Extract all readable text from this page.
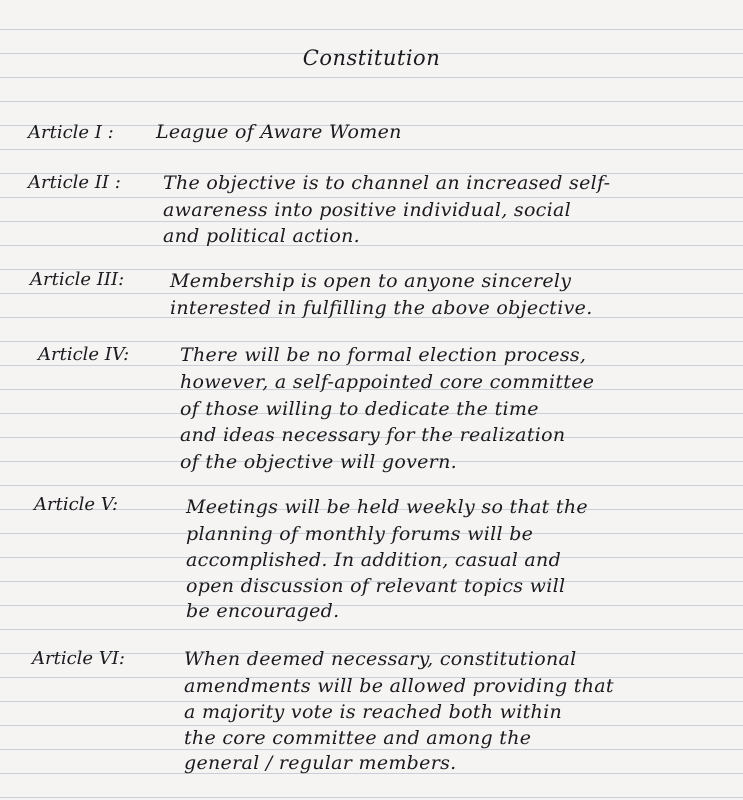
Constitution
Article I : League of Aware Women
Article II : The objective is to channel an increased self-
awareness into positive individual, social
and political action.
Article III: Membership is open to anyone sincerely
interested in fulfilling the above objective.
Article IV:	There will be no formal election process,
however, a self-appointed core committee
of those willing to dedicate the time
and ideas necessary for the realization
of the objective will govern.
Article V:	Meetings will be held weekly so that the
planning of monthly forums will be
accomplished. In addition, casual and
open discussion of relevant topics will
be encouraged.
Article VI:	When deemed necessary, constitutional
amendments will be allowed providing that
a majority vote is reached both within
the core committee and among the
general / regular members.
